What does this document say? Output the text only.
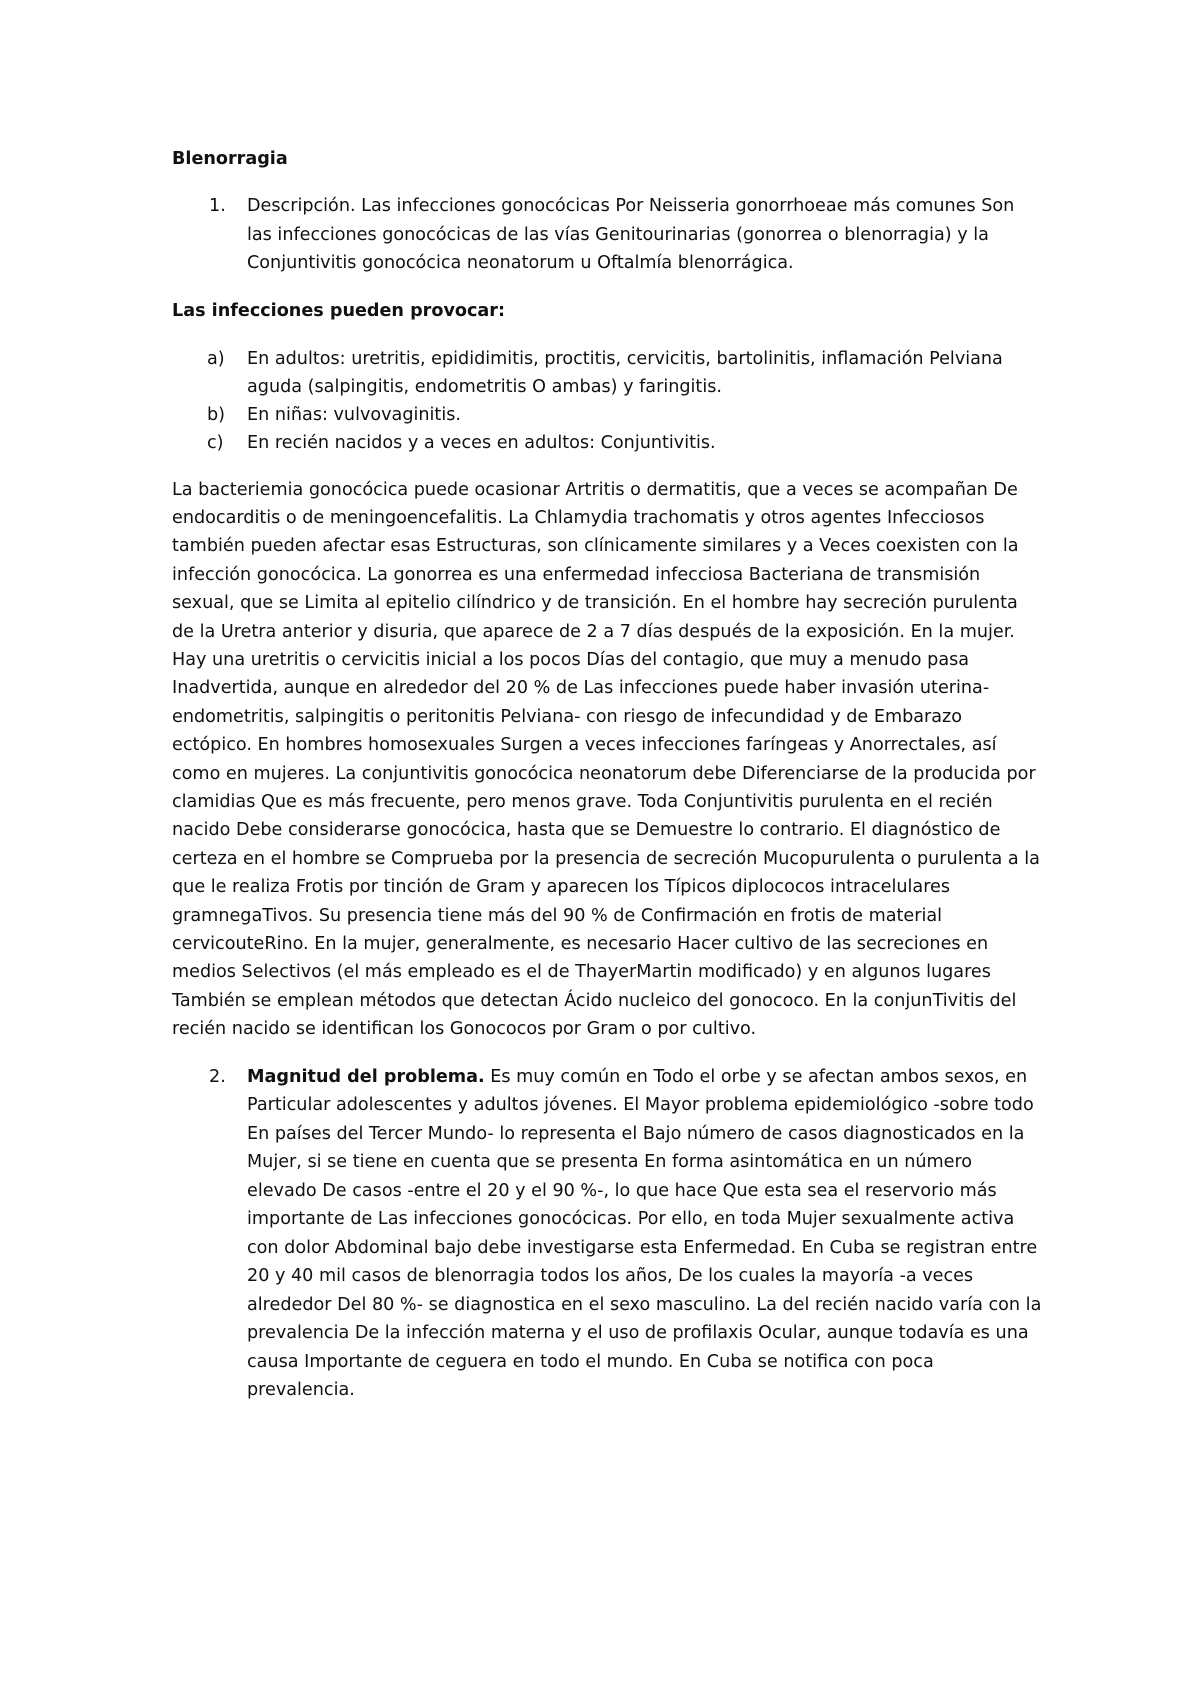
Blenorragia

1. Descripción. Las infecciones gonocócicas Por Neisseria gonorrhoeae más comunes Son las infecciones gonocócicas de las vías Genitourinarias (gonorrea o blenorragia) y la Conjuntivitis gonocócica neonatorum u Oftalmía blenorrágica.
Las infecciones pueden provocar:
a) En adultos: uretritis, epididimitis, proctitis, cervicitis, bartolinitis, inflamación Pelviana aguda (salpingitis, endometritis O ambas) y faringitis.
b) En niñas: vulvovaginitis.
c) En recién nacidos y a veces en adultos: Conjuntivitis.
La bacteriemia gonocócica puede ocasionar Artritis o dermatitis, que a veces se acompañan De endocarditis o de meningoencefalitis. La Chlamydia trachomatis y otros agentes Infecciosos también pueden afectar esas Estructuras, son clínicamente similares y a Veces coexisten con la infección gonocócica. La gonorrea es una enfermedad infecciosa Bacteriana de transmisión sexual, que se Limita al epitelio cilíndrico y de transición. En el hombre hay secreción purulenta de la Uretra anterior y disuria, que aparece de 2 a 7 días después de la exposición. En la mujer. Hay una uretritis o cervicitis inicial a los pocos Días del contagio, que muy a menudo pasa Inadvertida, aunque en alrededor del 20 % de Las infecciones puede haber invasión uterina-endometritis, salpingitis o peritonitis Pelviana- con riesgo de infecundidad y de Embarazo ectópico. En hombres homosexuales Surgen a veces infecciones faríngeas y Anorrectales, así como en mujeres. La conjuntivitis gonocócica neonatorum debe Diferenciarse de la producida por clamidias Que es más frecuente, pero menos grave. Toda Conjuntivitis purulenta en el recién nacido Debe considerarse gonocócica, hasta que se Demuestre lo contrario. El diagnóstico de certeza en el hombre se Comprueba por la presencia de secreción Mucopurulenta o purulenta a la que le realiza Frotis por tinción de Gram y aparecen los Típicos diplococos intracelulares gramnegaTivos. Su presencia tiene más del 90 % de Confirmación en frotis de material cervicouteRino. En la mujer, generalmente, es necesario Hacer cultivo de las secreciones en medios Selectivos (el más empleado es el de ThayerMartin modificado) y en algunos lugares También se emplean métodos que detectan Ácido nucleico del gonococo. En la conjunTivitis del recién nacido se identifican los Gonococos por Gram o por cultivo.
2. Magnitud del problema. Es muy común en Todo el orbe y se afectan ambos sexos, en Particular adolescentes y adultos jóvenes. El Mayor problema epidemiológico -sobre todo En países del Tercer Mundo- lo representa el Bajo número de casos diagnosticados en la Mujer, si se tiene en cuenta que se presenta En forma asintomática en un número elevado De casos -entre el 20 y el 90 %-, lo que hace Que esta sea el reservorio más importante de Las infecciones gonocócicas. Por ello, en toda Mujer sexualmente activa con dolor Abdominal bajo debe investigarse esta Enfermedad. En Cuba se registran entre 20 y 40 mil casos de blenorragia todos los años, De los cuales la mayoría -a veces alrededor Del 80 %- se diagnostica en el sexo masculino. La del recién nacido varía con la prevalencia De la infección materna y el uso de profilaxis Ocular, aunque todavía es una causa Importante de ceguera en todo el mundo. En Cuba se notifica con poca prevalencia.
